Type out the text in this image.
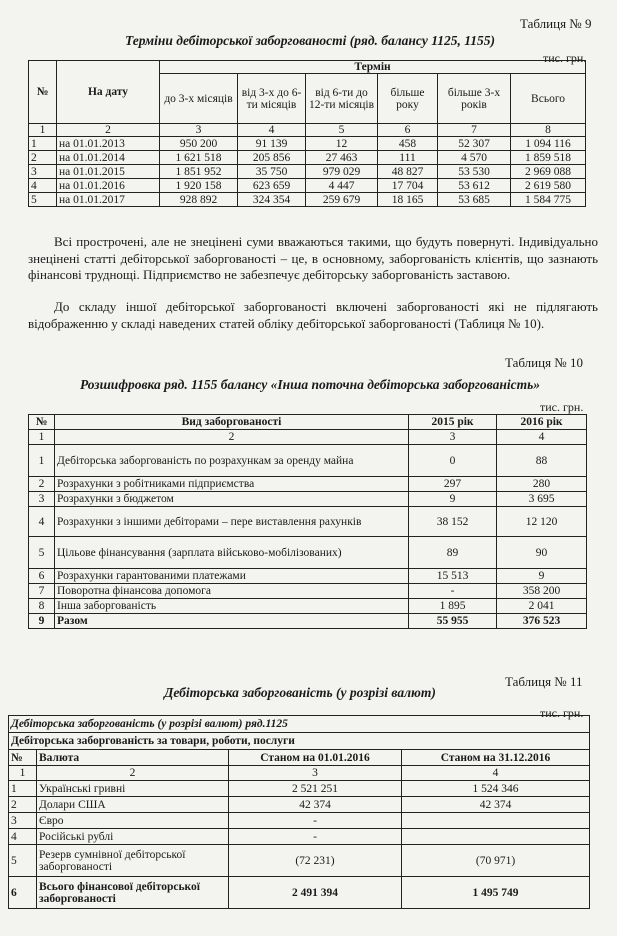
Таблиця № 9
Терміни дебіторської заборгованості (ряд. балансу 1125, 1155)
тис. грн.
№	На дату	Термін					
		до 3-х місяців	від 3-х до 6-ти місяців	від 6-ти до 12-ти місяців	більше року	більше 3-х років	Всього
1	2	3	4	5	6	7	8
1	на 01.01.2013	950 200	91 139	12	458	52 307	1 094 116
2	на 01.01.2014	1 621 518	205 856	27 463	111	4 570	1 859 518
3	на 01.01.2015	1 851 952	35 750	979 029	48 827	53 530	2 969 088
4	на 01.01.2016	1 920 158	623 659	4 447	17 704	53 612	2 619 580
5	на 01.01.2017	928 892	324 354	259 679	18 165	53 685	1 584 775
Всі прострочені, але не знецінені суми вважаються такими, що будуть повернуті. Індивідуально знецінені статті дебіторської заборгованості – це, в основному, заборгованість клієнтів, що зазнають фінансові труднощі. Підприємство не забезпечує дебіторську заборгованість заставою.
До складу іншої дебіторської заборгованості включені заборгованості які не підлягають відображенню у складі наведених статей обліку дебіторської заборгованості (Таблиця № 10).
Таблиця № 10
Розшифровка ряд. 1155 балансу «Інша поточна дебіторська заборгованість»
тис. грн.
№	Вид заборгованості	2015 рік	2016 рік
1	2	3	4
1	Дебіторська заборгованість по розрахункам за оренду майна	0	88
2	Розрахунки з робітниками підприємства	297	280
3	Розрахунки з бюджетом	9	3 695
4	Розрахунки з іншими дебіторами – пере виставлення рахунків	38 152	12 120
5	Цільове фінансування (зарплата військово-мобілізованих)	89	90
6	Розрахунки гарантованими платежами	15 513	9
7	Поворотна фінансова допомога	-	358 200
8	Інша заборгованість	1 895	2 041
9	Разом	55 955	376 523
Таблиця № 11
Дебіторська заборгованість (у розрізі валют)
тис. грн.
Дебіторська заборгованість (у розрізі валют) ряд.1125			
Дебіторська заборгованість за товари, роботи, послуги			
№	Валюта	Станом на 01.01.2016	Станом на 31.12.2016
1	2	3	4
1	Українські гривні	2 521 251	1 524 346
2	Долари США	42 374	42 374
3	Євро	-	
4	Російські рублі	-	
5	Резерв сумнівної дебіторської заборгованості	(72 231)	(70 971)
6	Всього фінансової дебіторської заборгованості	2 491 394	1 495 749
